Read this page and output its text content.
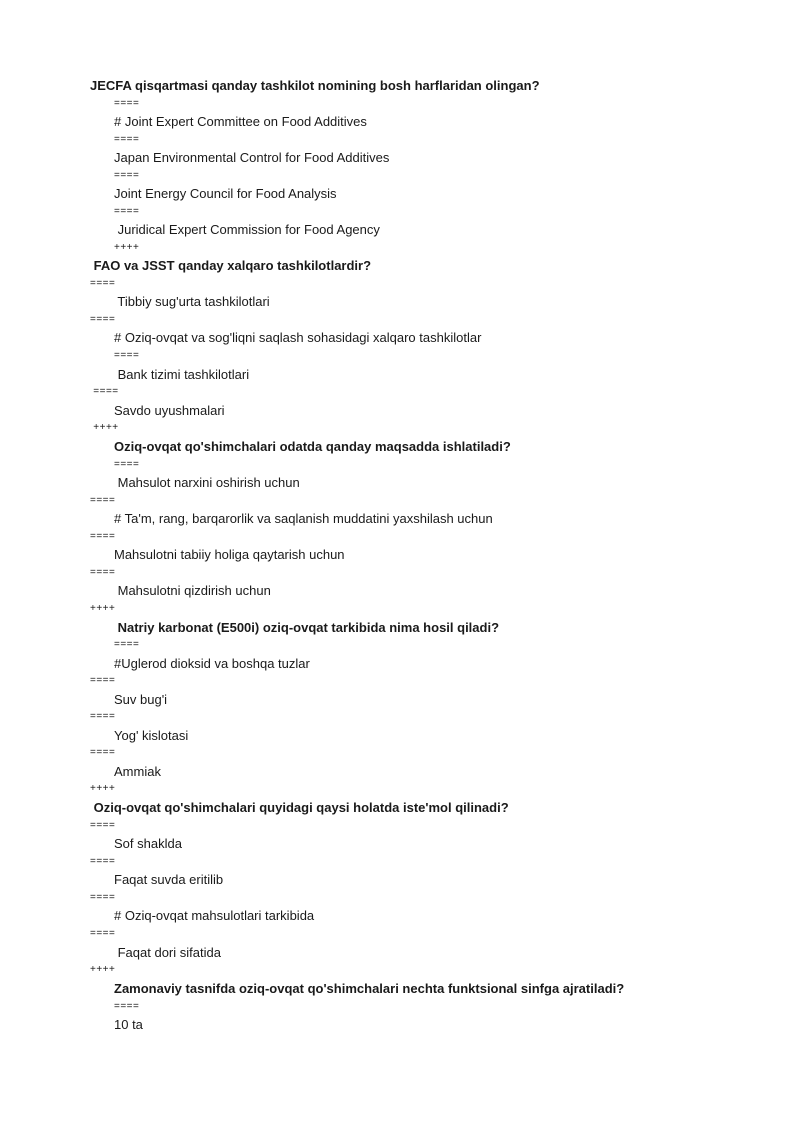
JECFA qisqartmasi qanday tashkilot nomining bosh harflaridan olingan?
====
# Joint Expert Committee on Food Additives
====
Japan Environmental Control for Food Additives
====
Joint Energy Council for Food Analysis
====
Juridical Expert Commission for Food Agency
++++
FAO va JSST qanday xalqaro tashkilotlardir?
====
Tibbiy sug'urta tashkilotlari
====
# Oziq-ovqat va sog'liqni saqlash sohasidagi xalqaro tashkilotlar
====
Bank tizimi tashkilotlari
====
Savdo uyushmalari
++++
Oziq-ovqat qo'shimchalari odatda qanday maqsadda ishlatiladi?
====
Mahsulot narxini oshirish uchun
====
# Ta'm, rang, barqarorlik va saqlanish muddatini yaxshilash uchun
====
Mahsulotni tabiiy holiga qaytarish uchun
====
Mahsulotni qizdirish uchun
++++
Natriy karbonat (E500i) oziq-ovqat tarkibida nima hosil qiladi?
====
#Uglerod dioksid va boshqa tuzlar
====
Suv bug'i
====
Yog' kislotasi
====
Ammiak
++++
Oziq-ovqat qo'shimchalari quyidagi qaysi holatda iste'mol qilinadi?
====
Sof shaklda
====
Faqat suvda eritilib
====
# Oziq-ovqat mahsulotlari tarkibida
====
Faqat dori sifatida
++++
Zamonaviy tasnifda oziq-ovqat qo'shimchalari nechta funktsional sinfga ajratiladi?
====
10 ta
